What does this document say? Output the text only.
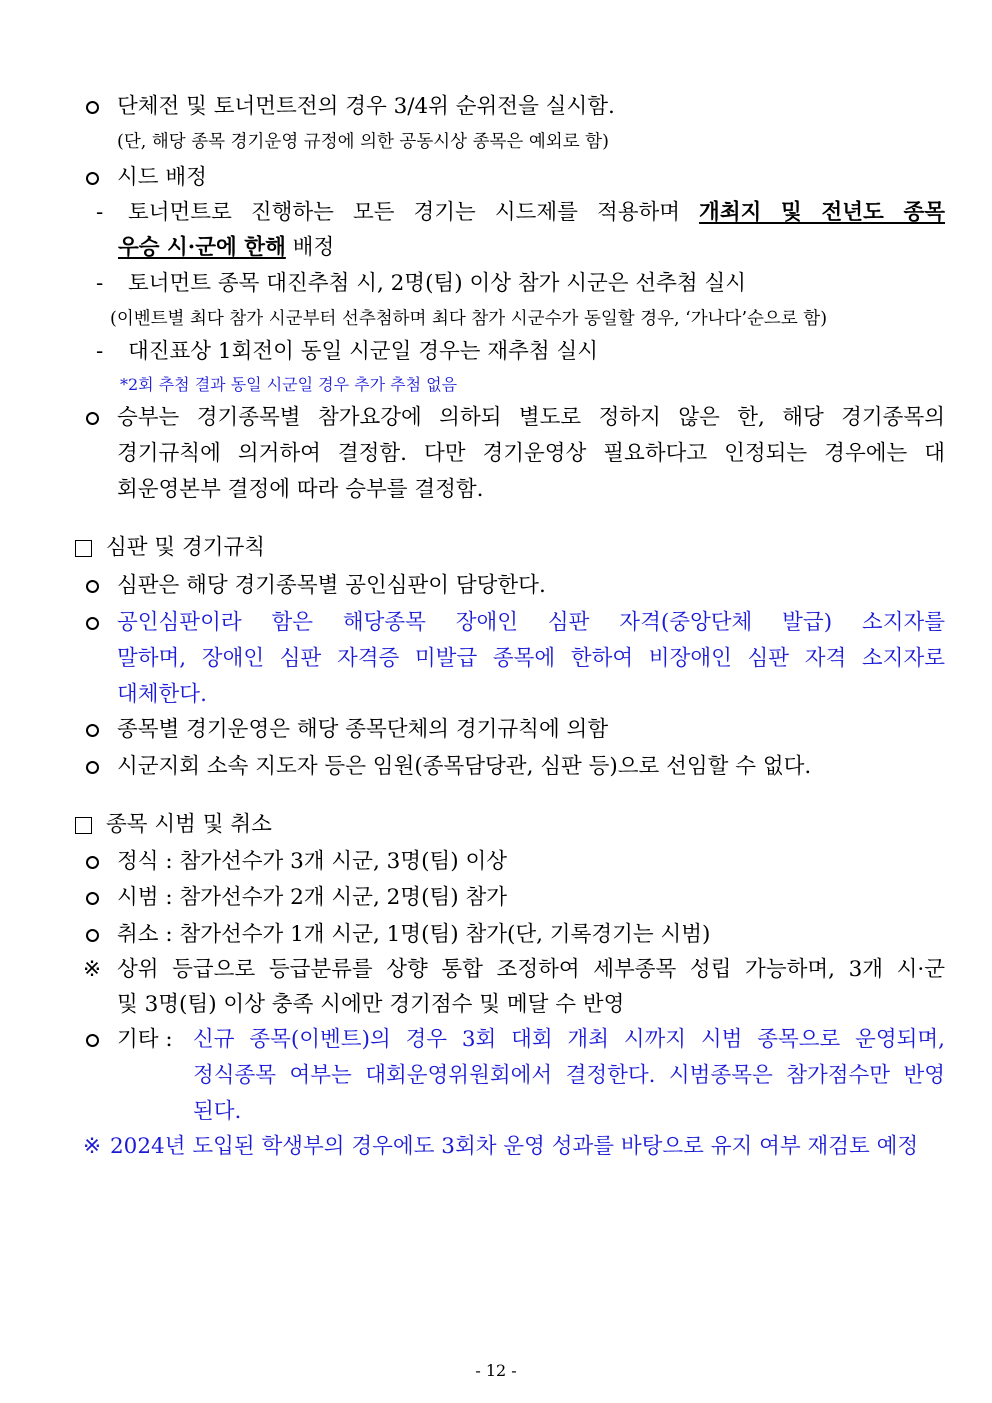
단체전 및 토너먼트전의 경우 3/4위 순위전을 실시함.
(단, 해당 종목 경기운영 규정에 의한 공동시상 종목은 예외로 함)
시드 배정
- 토너먼트로 진행하는 모든 경기는 시드제를 적용하며 개최지 및 전년도 종목
우승 시·군에 한해 배정
- 토너먼트 종목 대진추첨 시, 2명(팀) 이상 참가 시군은 선추첨 실시
(이벤트별 최다 참가 시군부터 선추첨하며 최다 참가 시군수가 동일할 경우, ‘가나다’순으로 함)
- 대진표상 1회전이 동일 시군일 경우는 재추첨 실시
*2회 추첨 결과 동일 시군일 경우 추가 추첨 없음
승부는 경기종목별 참가요강에 의하되 별도로 정하지 않은 한, 해당 경기종목의
경기규칙에 의거하여 결정함. 다만 경기운영상 필요하다고 인정되는 경우에는 대
회운영본부 결정에 따라 승부를 결정함.
심판 및 경기규칙
심판은 해당 경기종목별 공인심판이 담당한다.
공인심판이라 함은 해당종목 장애인 심판 자격(중앙단체 발급) 소지자를
말하며, 장애인 심판 자격증 미발급 종목에 한하여 비장애인 심판 자격 소지자로
대체한다.
종목별 경기운영은 해당 종목단체의 경기규칙에 의함
시군지회 소속 지도자 등은 임원(종목담당관, 심판 등)으로 선임할 수 없다.
종목 시범 및 취소
정식 : 참가선수가 3개 시군, 3명(팀) 이상
시범 : 참가선수가 2개 시군, 2명(팀) 참가
취소 : 참가선수가 1개 시군, 1명(팀) 참가(단, 기록경기는 시범)
※ 상위 등급으로 등급분류를 상향 통합 조정하여 세부종목 성립 가능하며, 3개 시·군
및 3명(팀) 이상 충족 시에만 경기점수 및 메달 수 반영
기타 : 신규 종목(이벤트)의 경우 3회 대회 개최 시까지 시범 종목으로 운영되며,
정식종목 여부는 대회운영위원회에서 결정한다. 시범종목은 참가점수만 반영
된다.
※ 2024년 도입된 학생부의 경우에도 3회차 운영 성과를 바탕으로 유지 여부 재검토 예정
- 12 -
